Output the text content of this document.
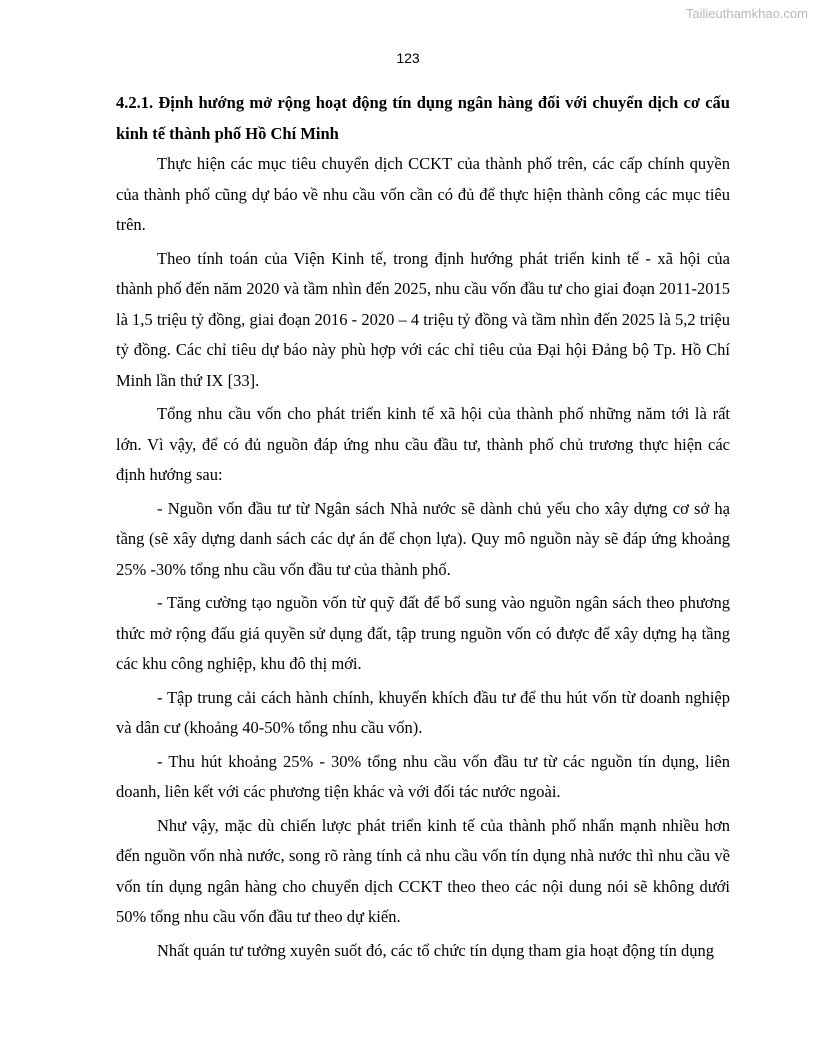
Tailieuthamkhao.com
123
4.2.1. Định hướng mở rộng hoạt động tín dụng ngân hàng đối với chuyển dịch cơ cấu kinh tế thành phố Hồ Chí Minh

Thực hiện các mục tiêu chuyển dịch CCKT của thành phố trên, các cấp chính quyền của thành phố cũng dự báo về nhu cầu vốn cần có đủ để thực hiện thành công các mục tiêu trên.

Theo tính toán của Viện Kinh tế, trong định hướng phát triển kinh tế - xã hội của thành phố đến năm 2020 và tầm nhìn đến 2025, nhu cầu vốn đầu tư cho giai đoạn 2011-2015 là 1,5 triệu tỷ đồng, giai đoạn 2016 - 2020 – 4 triệu tỷ đồng và tầm nhìn đến 2025 là 5,2 triệu tỷ đồng. Các chỉ tiêu dự báo này phù hợp với các chỉ tiêu của Đại hội Đảng bộ Tp. Hồ Chí Minh lần thứ IX [33].

Tổng nhu cầu vốn cho phát triển kinh tế xã hội của thành phố những năm tới là rất lớn. Vì vậy, để có đủ nguồn đáp ứng nhu cầu đầu tư, thành phố chủ trương thực hiện các định hướng sau:

- Nguồn vốn đầu tư từ Ngân sách Nhà nước sẽ dành chủ yếu cho xây dựng cơ sở hạ tầng (sẽ xây dựng danh sách các dự án để chọn lựa). Quy mô nguồn này sẽ đáp ứng khoảng 25% -30% tổng nhu cầu vốn đầu tư của thành phố.

- Tăng cường tạo nguồn vốn từ quỹ đất để bổ sung vào nguồn ngân sách theo phương thức mở rộng đấu giá quyền sử dụng đất, tập trung nguồn vốn có được để xây dựng hạ tầng các khu công nghiệp, khu đô thị mới.

- Tập trung cải cách hành chính, khuyến khích đầu tư để thu hút vốn từ doanh nghiệp và dân cư (khoảng 40-50% tổng nhu cầu vốn).

- Thu hút khoảng 25% - 30% tổng nhu cầu vốn đầu tư từ các nguồn tín dụng, liên doanh, liên kết với các phương tiện khác và với đối tác nước ngoài.

Như vậy, mặc dù chiến lược phát triển kinh tế của thành phố nhấn mạnh nhiều hơn đến nguồn vốn nhà nước, song rõ ràng tính cả nhu cầu vốn tín dụng nhà nước thì nhu cầu về vốn tín dụng ngân hàng cho chuyển dịch CCKT theo theo các nội dung nói sẽ không dưới 50% tổng nhu cầu vốn đầu tư theo dự kiến.

Nhất quán tư tưởng xuyên suốt đó, các tổ chức tín dụng tham gia hoạt động tín dụng
